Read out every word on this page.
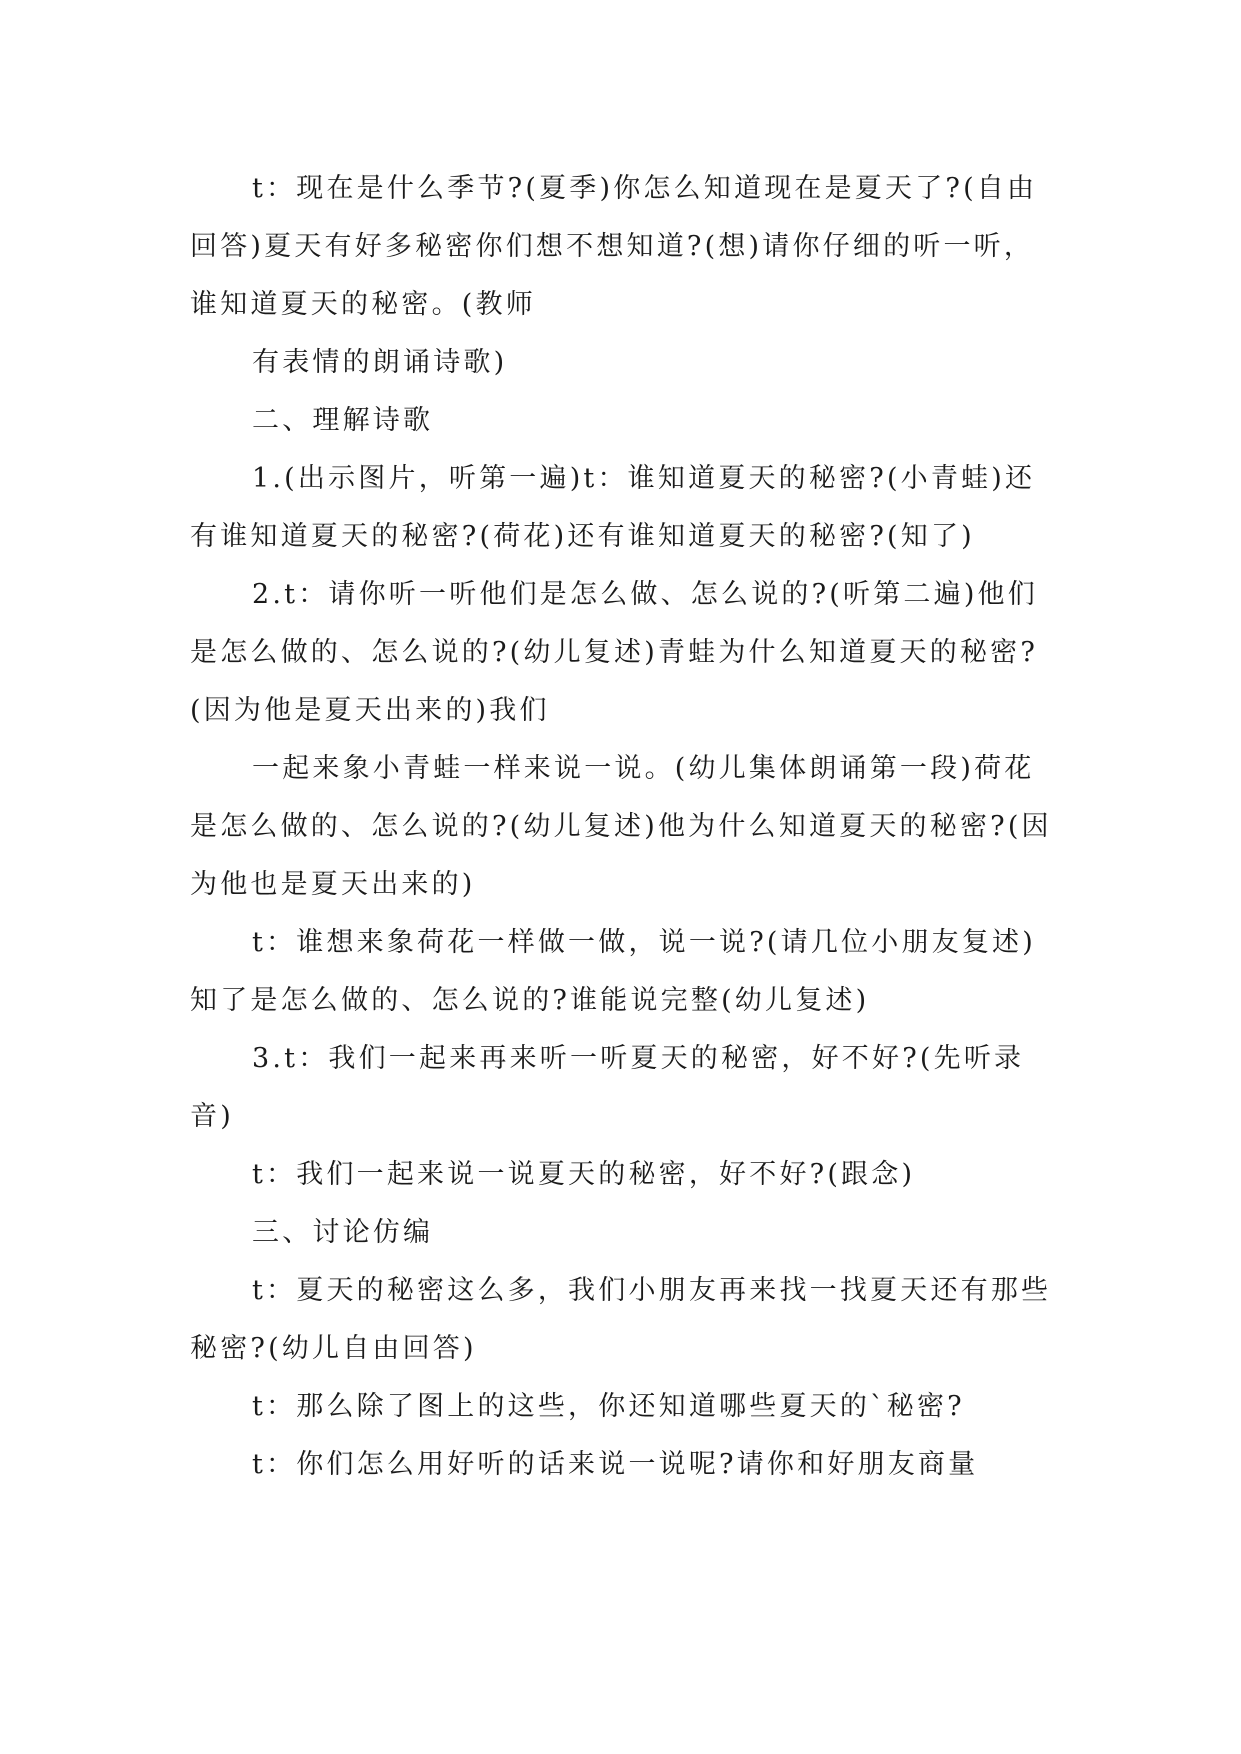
t：现在是什么季节?(夏季)你怎么知道现在是夏天了?(自由回答)夏天有好多秘密你们想不想知道?(想)请你仔细的听一听，谁知道夏天的秘密。(教师

有表情的朗诵诗歌)

二、理解诗歌

1.(出示图片，听第一遍)t：谁知道夏天的秘密?(小青蛙)还有谁知道夏天的秘密?(荷花)还有谁知道夏天的秘密?(知了)

2.t：请你听一听他们是怎么做、怎么说的?(听第二遍)他们是怎么做的、怎么说的?(幼儿复述)青蛙为什么知道夏天的秘密?(因为他是夏天出来的)我们

一起来象小青蛙一样来说一说。(幼儿集体朗诵第一段)荷花是怎么做的、怎么说的?(幼儿复述)他为什么知道夏天的秘密?(因为他也是夏天出来的)

t：谁想来象荷花一样做一做，说一说?(请几位小朋友复述)知了是怎么做的、怎么说的?谁能说完整(幼儿复述)

3.t：我们一起来再来听一听夏天的秘密，好不好?(先听录音)

t：我们一起来说一说夏天的秘密，好不好?(跟念)

三、讨论仿编

t：夏天的秘密这么多，我们小朋友再来找一找夏天还有那些秘密?(幼儿自由回答)

t：那么除了图上的这些，你还知道哪些夏天的`秘密?

t：你们怎么用好听的话来说一说呢?请你和好朋友商量
